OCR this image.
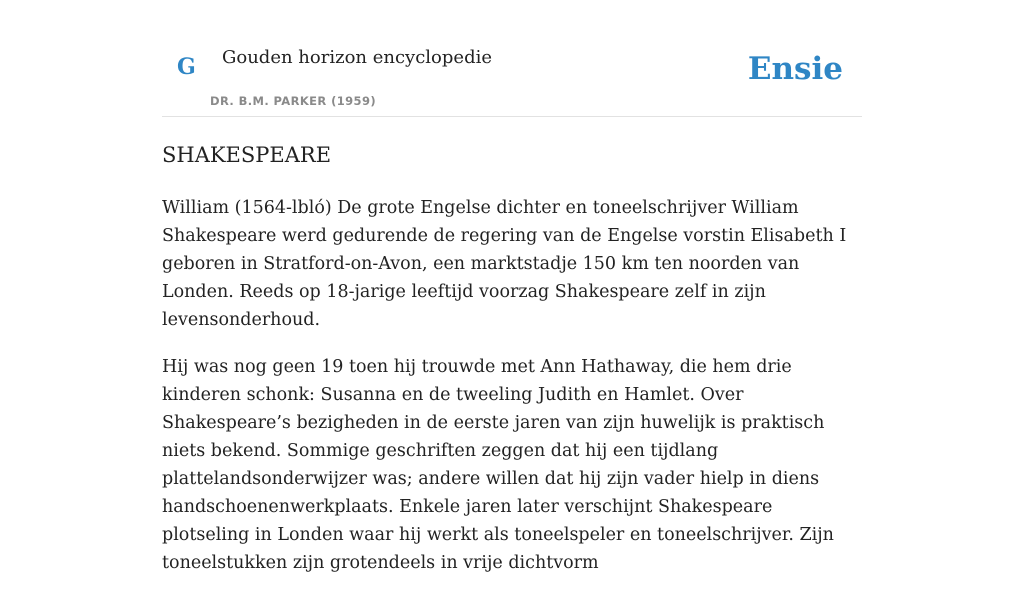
G Gouden horizon encyclopedie
DR. B.M. PARKER (1959)
Ensie
SHAKESPEARE

William (1564-lbló) De grote Engelse dichter en toneelschrijver William Shakespeare werd gedurende de regering van de Engelse vorstin Elisabeth I geboren in Stratford-on-Avon, een marktstadje 150 km ten noorden van Londen. Reeds op 18-jarige leeftijd voorzag Shakespeare zelf in zijn levensonderhoud.

Hij was nog geen 19 toen hij trouwde met Ann Hathaway, die hem drie kinderen schonk: Susanna en de tweeling Judith en Hamlet. Over Shakespeare’s bezigheden in de eerste jaren van zijn huwelijk is praktisch niets bekend. Sommige geschriften zeggen dat hij een tijdlang plattelandsonderwijzer was; andere willen dat hij zijn vader hielp in diens handschoenenwerkplaats. Enkele jaren later verschijnt Shakespeare plotseling in Londen waar hij werkt als toneelspeler en toneelschrijver. Zijn toneelstukken zijn grotendeels in vrije dichtvorm
